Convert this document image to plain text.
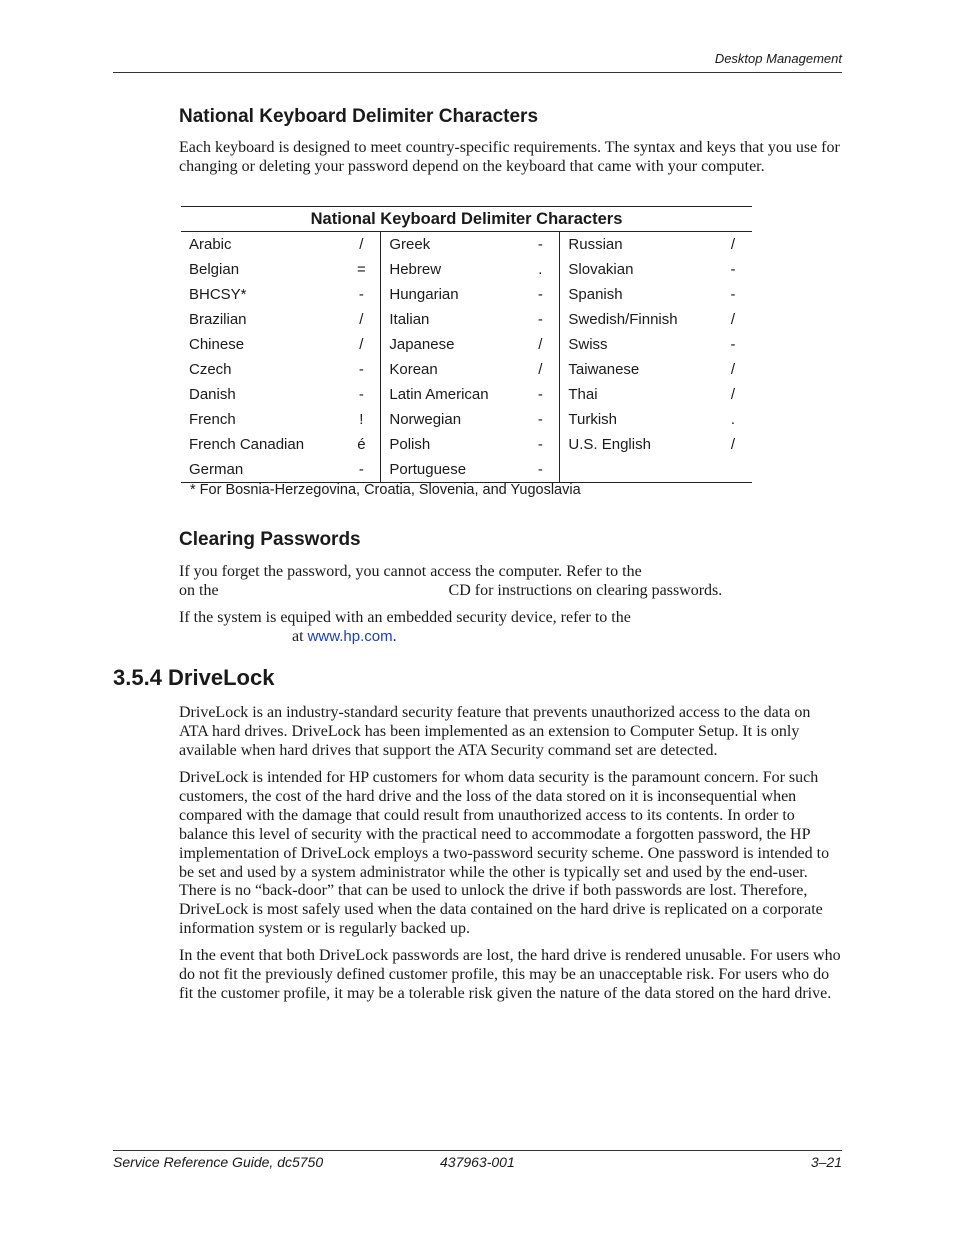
Desktop Management
National Keyboard Delimiter Characters

Each keyboard is designed to meet country-specific requirements. The syntax and keys that you use for changing or deleting your password depend on the keyboard that came with your computer.

National Keyboard Delimiter Characters					
Arabic	/	Greek	-	Russian	/
Belgian	=	Hebrew	.	Slovakian	-
BHCSY*	-	Hungarian	-	Spanish	-
Brazilian	/	Italian	-	Swedish/Finnish	/
Chinese	/	Japanese	/	Swiss	-
Czech	-	Korean	/	Taiwanese	/
Danish	-	Latin American	-	Thai	/
French	!	Norwegian	-	Turkish	.
French Canadian	é	Polish	-	U.S. English	/
German	-	Portuguese	-		
* For Bosnia-Herzegovina, Croatia, Slovenia, and Yugoslavia
Clearing Passwords
If you forget the password, you cannot access the computer. Refer to the
on the	CD for instructions on clearing passwords.
If the system is equiped with an embedded security device, refer to the
at www.hp.com.
3.5.4 DriveLock

DriveLock is an industry-standard security feature that prevents unauthorized access to the data on ATA hard drives. DriveLock has been implemented as an extension to Computer Setup. It is only available when hard drives that support the ATA Security command set are detected.

DriveLock is intended for HP customers for whom data security is the paramount concern. For such customers, the cost of the hard drive and the loss of the data stored on it is inconsequential when compared with the damage that could result from unauthorized access to its contents. In order to balance this level of security with the practical need to accommodate a forgotten password, the HP implementation of DriveLock employs a two-password security scheme. One password is intended to be set and used by a system administrator while the other is typically set and used by the end-user. There is no “back-door” that can be used to unlock the drive if both passwords are lost. Therefore, DriveLock is most safely used when the data contained on the hard drive is replicated on a corporate information system or is regularly backed up.

In the event that both DriveLock passwords are lost, the hard drive is rendered unusable. For users who do not fit the previously defined customer profile, this may be an unacceptable risk. For users who do fit the customer profile, it may be a tolerable risk given the nature of the data stored on the hard drive.

Service Reference Guide, dc5750	437963-001	3–21
